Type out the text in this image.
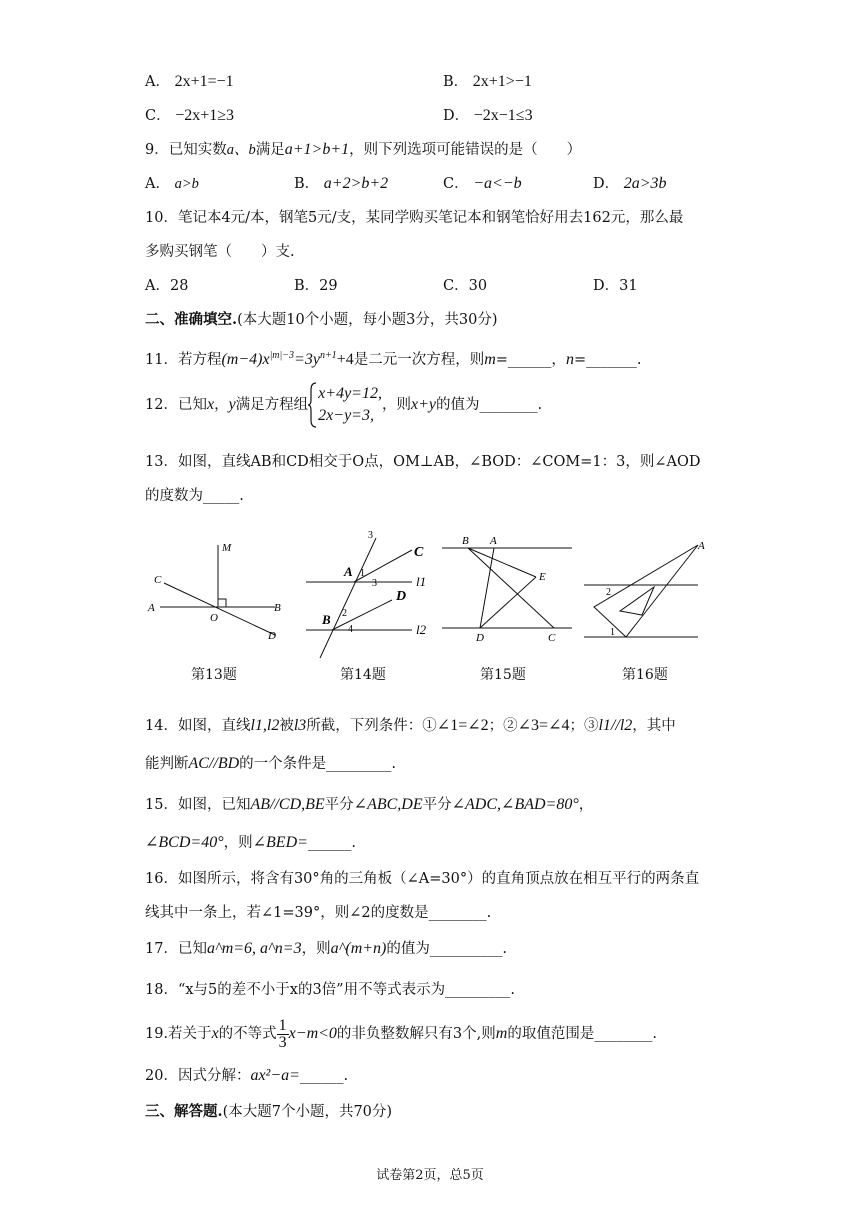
A． 2x+1=−1	B． 2x+1>−1
C． −2x+1≥3	D． −2x−1≤3
9．已知实数a、b满足a+1>b+1，则下列选项可能错误的是（　　）
A． a>b	B． a+2>b+2	C． −a<−b	D． 2a>3b
10．笔记本4元/本，钢笔5元/支，某同学购买笔记本和钢笔恰好用去162元，那么最
多购买钢笔（　　）支.
A．28	B．29	C．30	D．31
二、准确填空.(本大题10个小题，每小题3分，共30分)
11．若方程$(m-4)x^{|m|-3}=3y^{n+1}+4$是二元一次方程，则m=______，n=_______.
12．已知x，y满足方程组
x+4y=12,
2x−y=3,
，则x+y的值为________.
13．如图，直线AB和CD相交于O点，OM⊥AB，∠BOD：∠COM=1：3，则∠AOD
的度数为_____.
M
C
A
O
B
D
3
C
A 1
3	l1
2
D
B
4	l2
B A
E
D	C
A
2
1
第13题	第14题	第15题	第16题
14．如图，直线l1,l2被l3所截，下列条件：①∠1=∠2；②∠3=∠4；③l1//l2，其中
能判断AC//BD的一个条件是_________.
15．如图，已知AB//CD,BE平分∠ABC,DE平分∠ADC,∠BAD=80°，
∠BCD=40°，则∠BED=______.
16．如图所示，将含有30°角的三角板（∠A=30°）的直角顶点放在相互平行的两条直
线其中一条上，若∠1=39°，则∠2的度数是________.
17．已知a^m=6, a^n=3，则a^(m+n)的值为__________.
18．“x与5的差不小于x的3倍”用不等式表示为_________.
19.若关于x的不等式 $\frac{1}{3} x-m<0$的非负整数解只有3个,则m的取值范围是________.
20．因式分解：ax²−a=______.
三、解答题.(本大题7个小题，共70分)
试卷第2页，总5页
